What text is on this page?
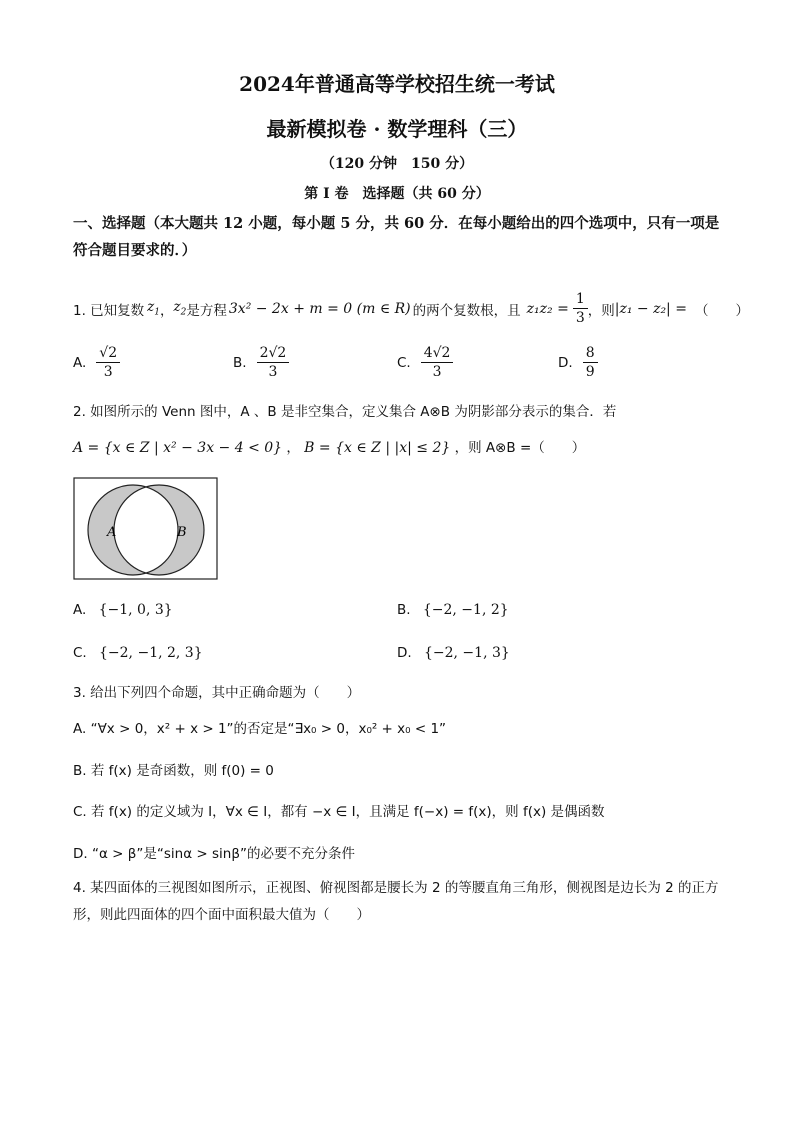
2024年普通高等学校招生统一考试
最新模拟卷 · 数学理科（三）
（120 分钟　150 分）
第 I 卷　选择题（共 60 分）
一、选择题（本大题共 12 小题，每小题 5 分，共 60 分．在每小题给出的四个选项中，只有一项是符合题目要求的．）
1. 已知复数 $z_1$ ， $z_2$ 是方程 3x² − 2x + m = 0 (m ∈ R) 的两个复数根，且 $z_1z_2 = \frac{1}{3}$ ，则 |z₁ − z₂| = （　　）
A. $\frac{√2}{3}$	B. $\frac{2√2}{3}$	C. $\frac{4√2}{3}$	D. $\frac{8}{9}$
2. 如图所示的 Venn 图中，A 、B 是非空集合，定义集合 A⊗B 为阴影部分表示的集合．若
A = {x ∈ Z | x² − 3x − 4 < 0} ， B = {x ∈ Z | |x| ≤ 2} ，则 A⊗B =（　　）
A	B
A. {−1, 0, 3}	B. {−2, −1, 2}
C. {−2, −1, 2, 3}	D. {−2, −1, 3}
3. 给出下列四个命题，其中正确命题为（　　）
A. “∀x > 0，x² + x > 1”的否定是“∃x₀ > 0，x₀² + x₀ < 1”
B. 若 f(x) 是奇函数，则 f(0) = 0
C. 若 f(x) 的定义域为 I，∀x ∈ I，都有 −x ∈ I，且满足 f(−x) = f(x)，则 f(x) 是偶函数
D. “α > β”是“sinα > sinβ”的必要不充分条件
4. 某四面体的三视图如图所示，正视图、俯视图都是腰长为 2 的等腰直角三角形，侧视图是边长为 2 的正方形，则此四面体的四个面中面积最大值为（　　）
